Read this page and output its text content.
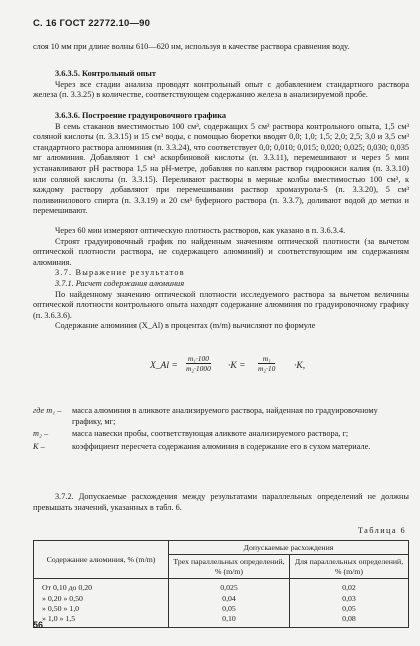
С. 16 ГОСТ 22772.10—90

слоя 10 мм при длине волны 610—620 нм, используя в качестве раствора сравнения воду.

3.6.3.5. Контрольный опыт

Через все стадии анализа проводят контрольный опыт с добавлением стандартного раствора железа (п. 3.3.25) в количестве, соответствующем содержанию железа в анализируемой пробе.

3.6.3.6. Построение градуировочного графика

В семь стаканов вместимостью 100 см³, содержащих 5 см³ раствора контрольного опыта, 1,5 см³ соляной кислоты (п. 3.3.15) и 15 см³ воды, с помощью бюретки вводят 0,0; 1,0; 1,5; 2,0; 2,5; 3,0 и 3,5 см³ стандартного раствора алюминия (п. 3.3.24), что соответствует 0,0; 0,010; 0,015; 0,020; 0,025; 0,030; 0,035 мг алюминия. Добавляют 1 см³ аскорбиновой кислоты (п. 3.3.11), перемешивают и через 5 мин устанавливают рН раствора 1,5 на рН-метре, добавляя по каплям раствор гидроокиси калия (п. 3.3.10) или соляной кислоты (п. 3.3.15). Переливают растворы в мерные колбы вместимостью 100 см³, к каждому раствору добавляют при перемешивании раствор хромазурола-S (п. 3.3.20), 5 см³ поливинилового спирта (п. 3.3.19) и 20 см³ буферного раствора (п. 3.3.7), доливают водой до метки и перемешивают.

Через 60 мин измеряют оптическую плотность растворов, как указано в п. 3.6.3.4.

Строят градуировочный график по найденным значениям оптической плотности (за вычетом оптической плотности раствора, не содержащего алюминий) и соответствующим им содержаниям алюминия.

3.7. Выражение результатов

3.7.1. Расчет содержания алюминия

По найденному значению оптической плотности исследуемого раствора за вычетом величины оптической плотности контрольного опыта находят содержание алюминия по градуировочному графику (п. 3.6.3.6).

Содержание алюминия (X_Al) в процентах (m/m) вычисляют по формуле

X_Al = $\frac{\text{m₁·100}}{\text{m₂·1000}} \cdot K = \frac{\text{m₁}}{\text{m₂·10}} \cdot K$,
где m₁ –	масса алюминия в аликвоте анализируемого раствора, найденная по градуировочному графику, мг;
m₂ –	масса навески пробы, соответствующая аликвоте анализируемого раствора, г;
K –	коэффициент пересчета содержания алюминия в содержание его в сухом материале.

3.7.2. Допускаемые расхождения между результатами параллельных определений не должны превышать значений, указанных в табл. 6.

Таблица 6
Содержание алюминия, % (m/m)	Допускаемые расхождения	
	Трех параллельных определений, % (m/m)	Для параллельных определений, % (m/m)
От 0,10 до 0,20	0,025	0,02
» 0,20 » 0,50	0,04	0,03
» 0,50 » 1,0	0,05	0,05
» 1,0 » 1,5	0,10	0,08
56
